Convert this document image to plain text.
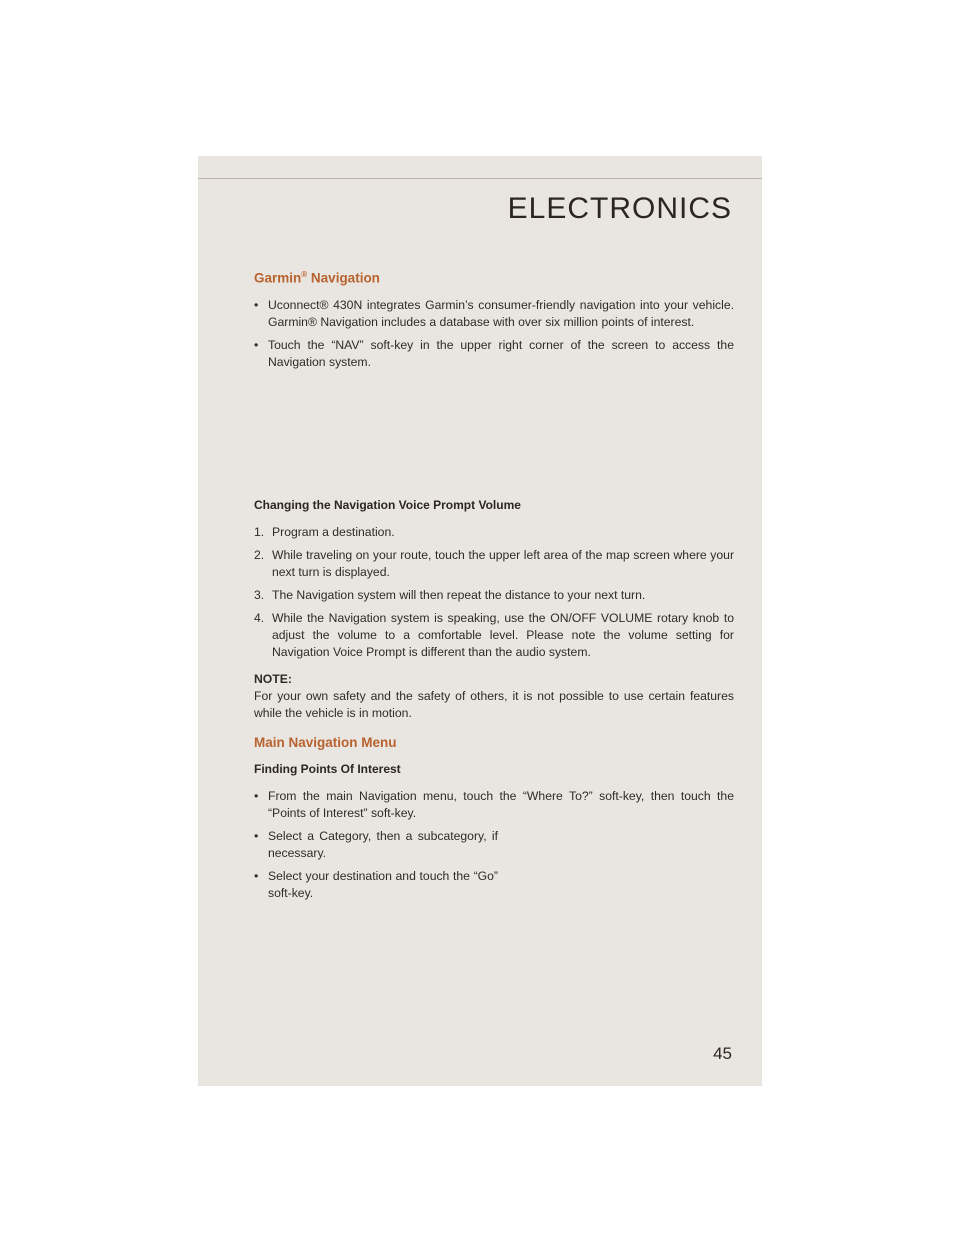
ELECTRONICS
Garmin® Navigation
• Uconnect® 430N integrates Garmin’s consumer-friendly navigation into your vehicle. Garmin® Navigation includes a database with over six million points of interest.
• Touch the “NAV” soft-key in the upper right corner of the screen to access the Navigation system.
Changing the Navigation Voice Prompt Volume
1. Program a destination.
2. While traveling on your route, touch the upper left area of the map screen where your next turn is displayed.
3. The Navigation system will then repeat the distance to your next turn.
4. While the Navigation system is speaking, use the ON/OFF VOLUME rotary knob to adjust the volume to a comfortable level. Please note the volume setting for Navigation Voice Prompt is different than the audio system.
NOTE:
For your own safety and the safety of others, it is not possible to use certain features while the vehicle is in motion.
Main Navigation Menu
Finding Points Of Interest
• From the main Navigation menu, touch the “Where To?” soft-key, then touch the “Points of Interest” soft-key.
• Select a Category, then a subcategory, if necessary.
• Select your destination and touch the “Go” soft-key.
45
